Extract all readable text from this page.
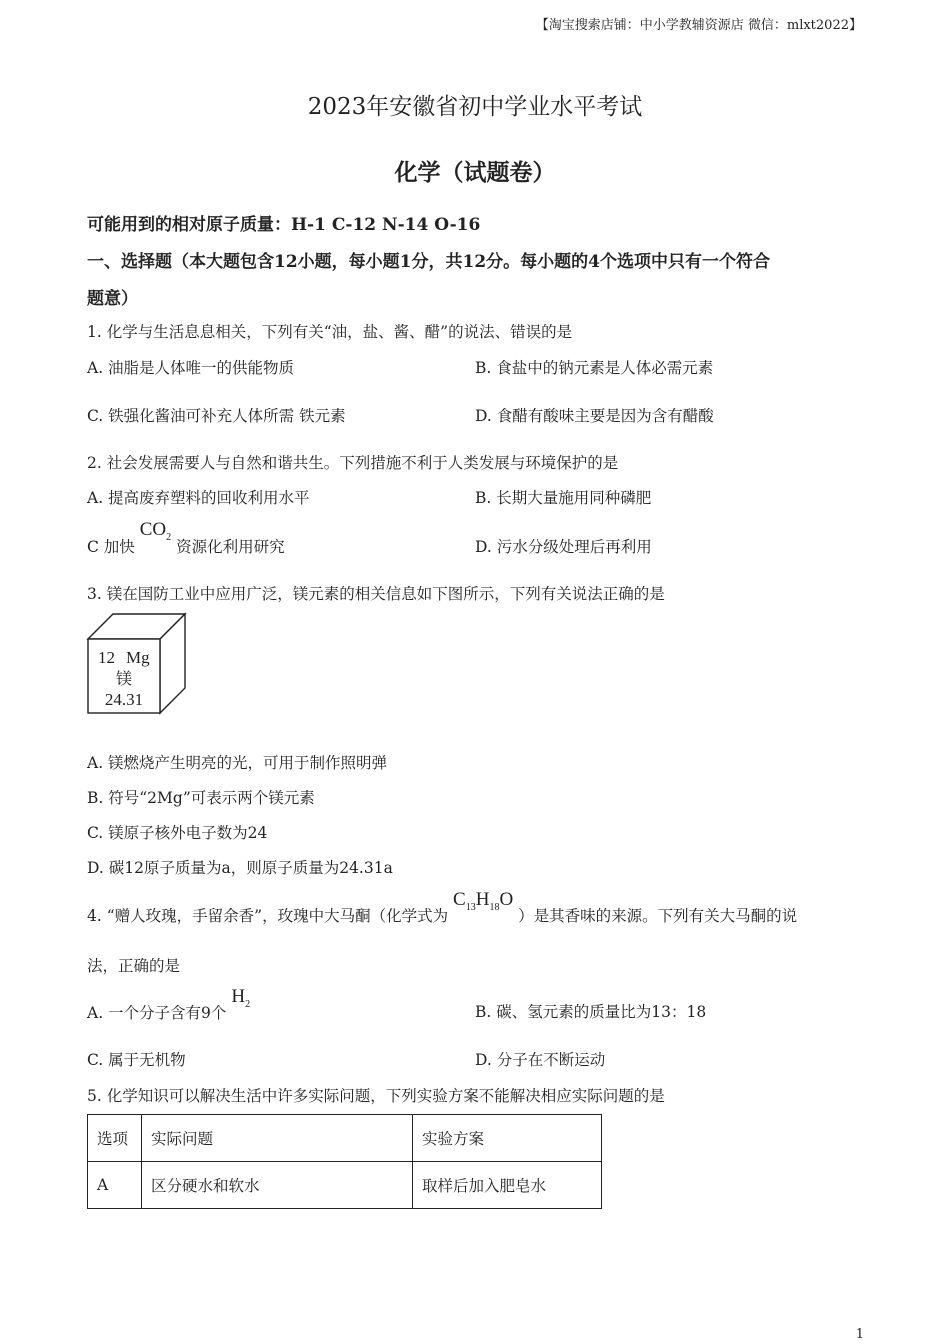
【淘宝搜索店铺：中小学教辅资源店 微信：mlxt2022】
2023年安徽省初中学业水平考试
化学（试题卷）
可能用到的相对原子质量：H-1 C-12 N-14 O-16
一、选择题（本大题包含12小题，每小题1分，共12分。每小题的4个选项中只有一个符合
题意）
1. 化学与生活息息相关，下列有关“油，盐、酱、醋”的说法、错误的是
A. 油脂是人体唯一的供能物质	B. 食盐中的钠元素是人体必需元素
C. 铁强化酱油可补充人体所需 铁元素	D. 食醋有酸味主要是因为含有醋酸
2. 社会发展需要人与自然和谐共生。下列措施不利于人类发展与环境保护的是
A. 提高废弃塑料的回收利用水平	B. 长期大量施用同种磷肥
C 加快 $CO_2$ 资源化利用研究	D. 污水分级处理后再利用
3. 镁在国防工业中应用广泛，镁元素的相关信息如下图所示，下列有关说法正确的是
12 Mg
镁
24.31
A. 镁燃烧产生明亮的光，可用于制作照明弹
B. 符号“2Mg”可表示两个镁元素
C. 镁原子核外电子数为24
D. 碳12原子质量为a，则原子质量为24.31a
4. “赠人玫瑰，手留余香”，玫瑰中大马酮（化学式为 $C_{13}H_{18}O$ ）是其香味的来源。下列有关大马酮的说
法，正确的是
A. 一个分子含有9个 $H_2$	B. 碳、氢元素的质量比为13：18
C. 属于无机物	D. 分子在不断运动
5. 化学知识可以解决生活中许多实际问题，下列实验方案不能解决相应实际问题的是
选项	实际问题	实验方案
A	区分硬水和软水	取样后加入肥皂水
1
